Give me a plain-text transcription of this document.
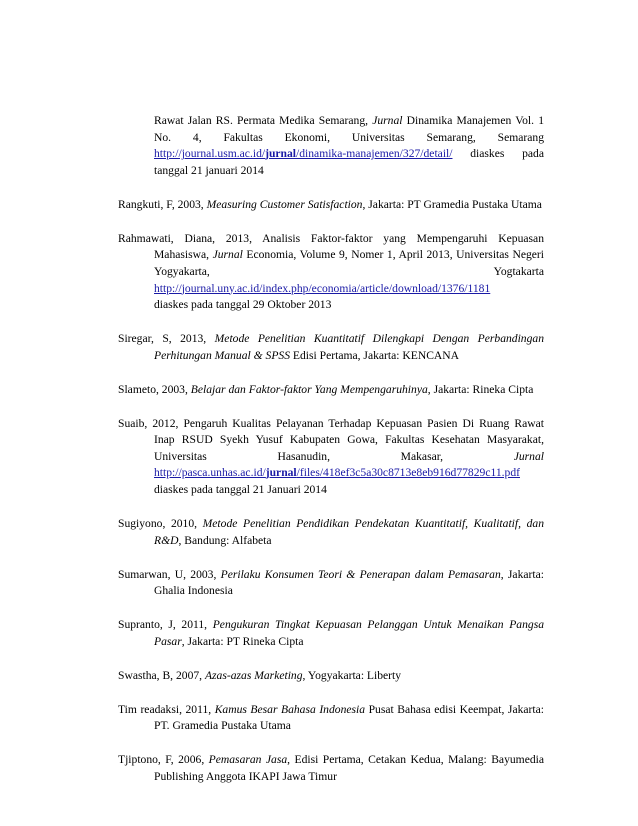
Rawat Jalan RS. Permata Medika Semarang, Jurnal Dinamika Manajemen Vol. 1 No. 4, Fakultas Ekonomi, Universitas Semarang, Semarang http://journal.usm.ac.id/jurnal/dinamika-manajemen/327/detail/ diaskes pada tanggal 21 januari 2014

Rangkuti, F, 2003, Measuring Customer Satisfaction, Jakarta: PT Gramedia Pustaka Utama

Rahmawati, Diana, 2013, Analisis Faktor-faktor yang Mempengaruhi Kepuasan Mahasiswa, Jurnal Economia, Volume 9, Nomer 1, April 2013, Universitas Negeri Yogyakarta, Yogtakarta http://journal.uny.ac.id/index.php/economia/article/download/1376/1181
diaskes pada tanggal 29 Oktober 2013

Siregar, S, 2013, Metode Penelitian Kuantitatif Dilengkapi Dengan Perbandingan Perhitungan Manual & SPSS Edisi Pertama, Jakarta: KENCANA

Slameto, 2003, Belajar dan Faktor-faktor Yang Mempengaruhinya, Jakarta: Rineka Cipta

Suaib, 2012, Pengaruh Kualitas Pelayanan Terhadap Kepuasan Pasien Di Ruang Rawat Inap RSUD Syekh Yusuf Kabupaten Gowa, Fakultas Kesehatan Masyarakat, Universitas Hasanudin, Makasar, Jurnal http://pasca.unhas.ac.id/jurnal/files/418ef3c5a30c8713e8eb916d77829c11.pdf diaskes pada tanggal 21 Januari 2014

Sugiyono, 2010, Metode Penelitian Pendidikan Pendekatan Kuantitatif, Kualitatif, dan R&D, Bandung: Alfabeta

Sumarwan, U, 2003, Perilaku Konsumen Teori & Penerapan dalam Pemasaran, Jakarta: Ghalia Indonesia

Supranto, J, 2011, Pengukuran Tingkat Kepuasan Pelanggan Untuk Menaikan Pangsa Pasar, Jakarta: PT Rineka Cipta

Swastha, B, 2007, Azas-azas Marketing, Yogyakarta: Liberty

Tim readaksi, 2011, Kamus Besar Bahasa Indonesia Pusat Bahasa edisi Keempat, Jakarta: PT. Gramedia Pustaka Utama

Tjiptono, F, 2006, Pemasaran Jasa, Edisi Pertama, Cetakan Kedua, Malang: Bayumedia Publishing Anggota IKAPI Jawa Timur
